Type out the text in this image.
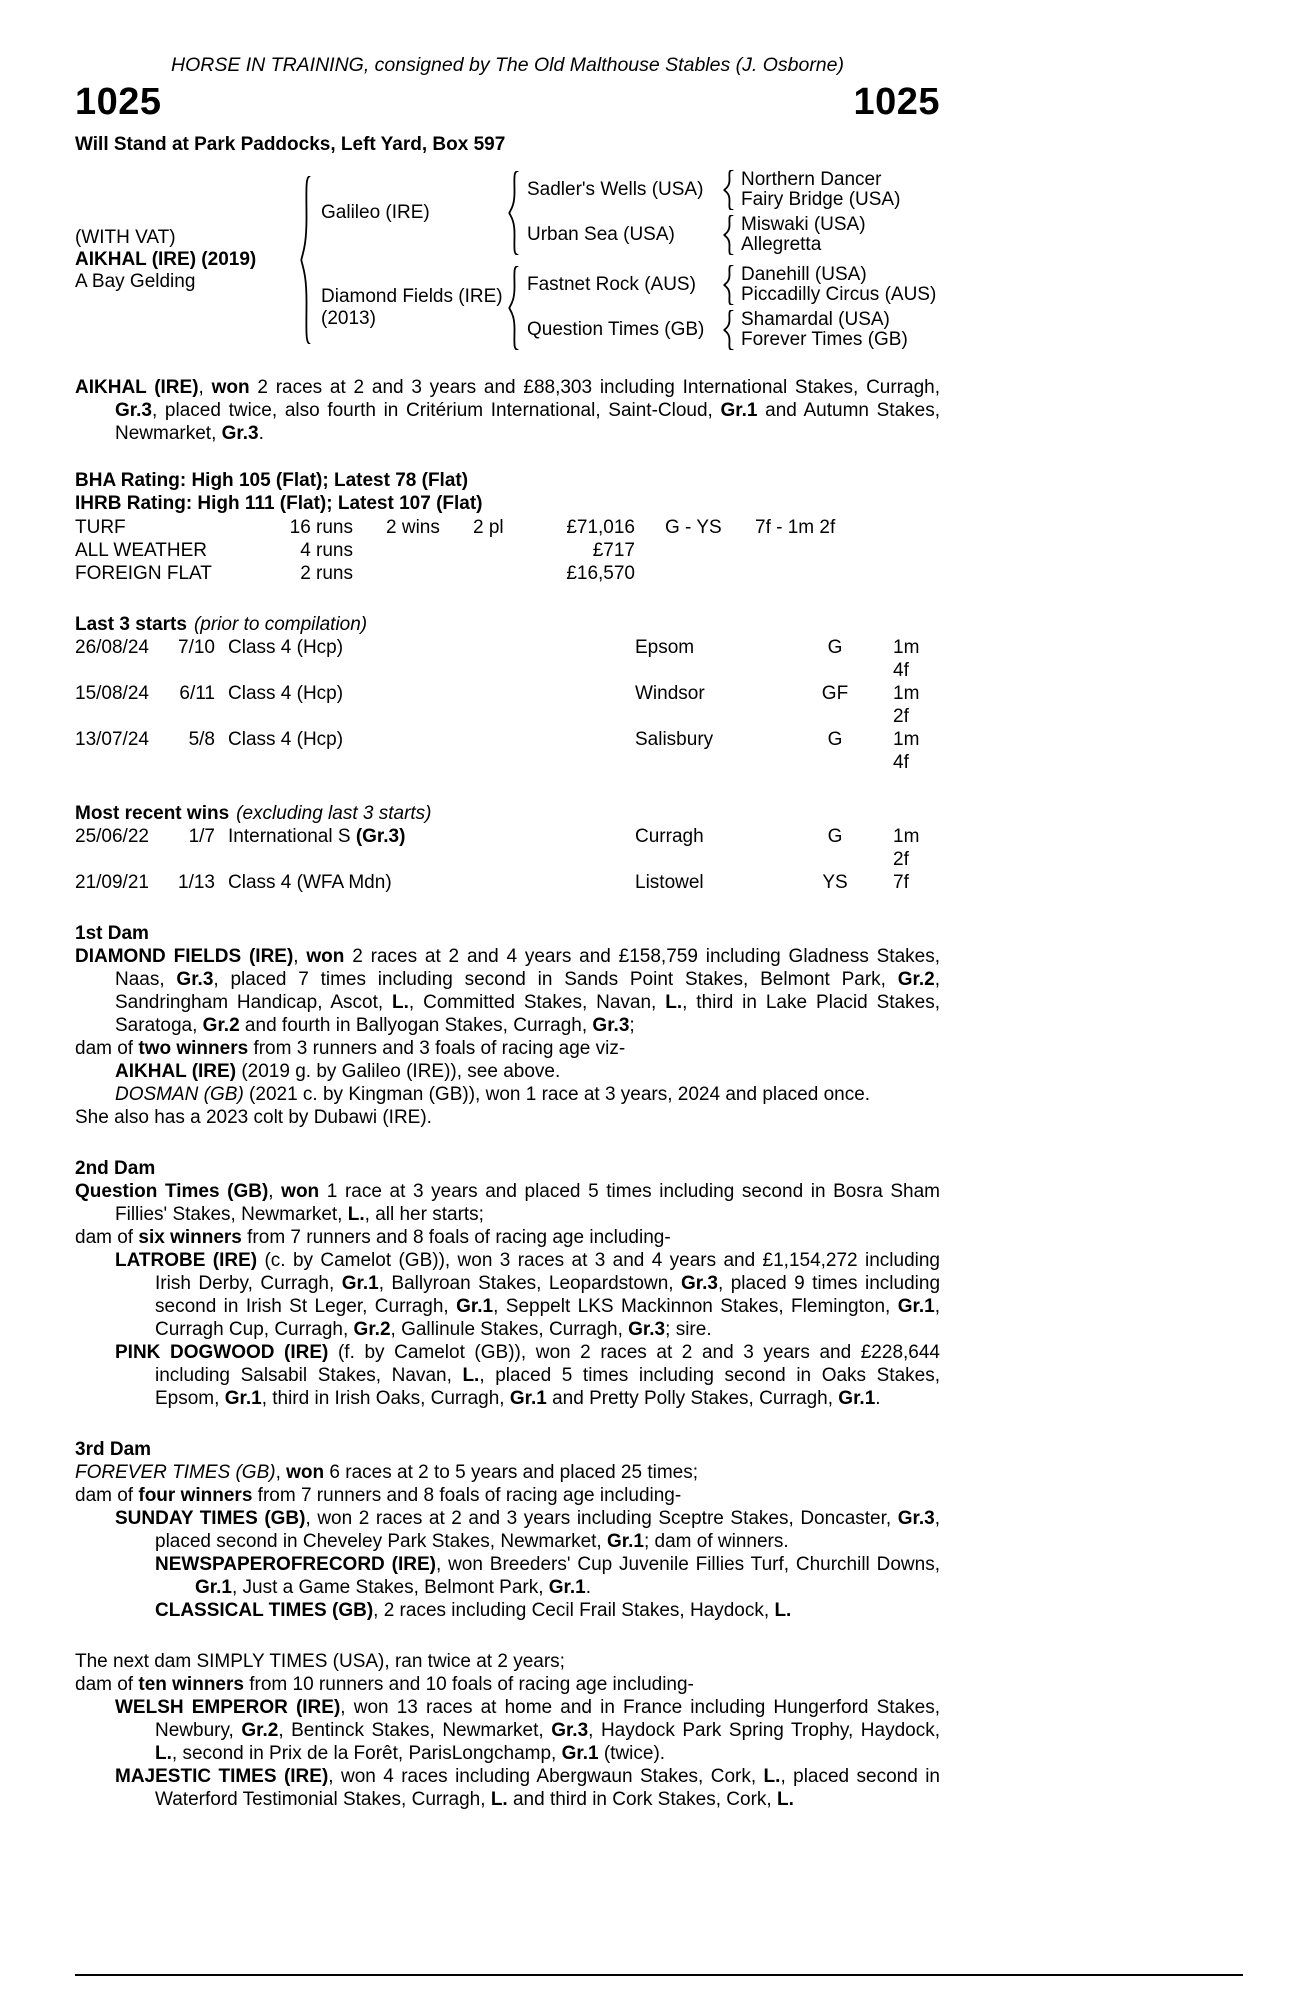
HORSE IN TRAINING, consigned by The Old Malthouse Stables (J. Osborne)
1025	1025
Will Stand at Park Paddocks, Left Yard, Box 597
(WITH VAT)
AIKHAL (IRE) (2019)
A Bay Gelding
Galileo (IRE)
Sadler's Wells (USA)	Northern Dancer
Fairy Bridge (USA)
Urban Sea (USA)	Miswaki (USA)
Allegretta
Diamond Fields (IRE)
(2013)
Fastnet Rock (AUS)	Danehill (USA)
Piccadilly Circus (AUS)
Question Times (GB)	Shamardal (USA)
Forever Times (GB)

AIKHAL (IRE), won 2 races at 2 and 3 years and £88,303 including International Stakes, Curragh, Gr.3, placed twice, also fourth in Critérium International, Saint-Cloud, Gr.1 and Autumn Stakes, Newmarket, Gr.3.

BHA Rating: High 105 (Flat); Latest 78 (Flat)
IHRB Rating: High 111 (Flat); Latest 107 (Flat)
TURF	16 runs	2 wins	2 pl	£71,016 G - YS	7f - 1m 2f
ALL WEATHER	4 runs	£717
FOREIGN FLAT	2 runs	£16,570
Last 3 starts (prior to compilation)
26/08/24	7/10 Class 4 (Hcp)	Epsom	G	1m 4f
15/08/24	6/11 Class 4 (Hcp)	Windsor	GF	1m 2f
13/07/24	5/8 Class 4 (Hcp)	Salisbury	G	1m 4f
Most recent wins (excluding last 3 starts)
25/06/22	1/7 International S (Gr.3)	Curragh	G	1m 2f
21/09/21	1/13 Class 4 (WFA Mdn)	Listowel	YS	7f
1st Dam

DIAMOND FIELDS (IRE), won 2 races at 2 and 4 years and £158,759 including Gladness Stakes, Naas, Gr.3, placed 7 times including second in Sands Point Stakes, Belmont Park, Gr.2, Sandringham Handicap, Ascot, L., Committed Stakes, Navan, L., third in Lake Placid Stakes, Saratoga, Gr.2 and fourth in Ballyogan Stakes, Curragh, Gr.3;

dam of two winners from 3 runners and 3 foals of racing age viz-

AIKHAL (IRE) (2019 g. by Galileo (IRE)), see above.

DOSMAN (GB) (2021 c. by Kingman (GB)), won 1 race at 3 years, 2024 and placed once.

She also has a 2023 colt by Dubawi (IRE).

2nd Dam

Question Times (GB), won 1 race at 3 years and placed 5 times including second in Bosra Sham Fillies' Stakes, Newmarket, L., all her starts;

dam of six winners from 7 runners and 8 foals of racing age including-

LATROBE (IRE) (c. by Camelot (GB)), won 3 races at 3 and 4 years and £1,154,272 including Irish Derby, Curragh, Gr.1, Ballyroan Stakes, Leopardstown, Gr.3, placed 9 times including second in Irish St Leger, Curragh, Gr.1, Seppelt LKS Mackinnon Stakes, Flemington, Gr.1, Curragh Cup, Curragh, Gr.2, Gallinule Stakes, Curragh, Gr.3; sire.

PINK DOGWOOD (IRE) (f. by Camelot (GB)), won 2 races at 2 and 3 years and £228,644 including Salsabil Stakes, Navan, L., placed 5 times including second in Oaks Stakes, Epsom, Gr.1, third in Irish Oaks, Curragh, Gr.1 and Pretty Polly Stakes, Curragh, Gr.1.

3rd Dam

FOREVER TIMES (GB), won 6 races at 2 to 5 years and placed 25 times;

dam of four winners from 7 runners and 8 foals of racing age including-

SUNDAY TIMES (GB), won 2 races at 2 and 3 years including Sceptre Stakes, Doncaster, Gr.3, placed second in Cheveley Park Stakes, Newmarket, Gr.1; dam of winners.

NEWSPAPEROFRECORD (IRE), won Breeders' Cup Juvenile Fillies Turf, Churchill Downs, Gr.1, Just a Game Stakes, Belmont Park, Gr.1.

CLASSICAL TIMES (GB), 2 races including Cecil Frail Stakes, Haydock, L.

The next dam SIMPLY TIMES (USA), ran twice at 2 years;

dam of ten winners from 10 runners and 10 foals of racing age including-

WELSH EMPEROR (IRE), won 13 races at home and in France including Hungerford Stakes, Newbury, Gr.2, Bentinck Stakes, Newmarket, Gr.3, Haydock Park Spring Trophy, Haydock, L., second in Prix de la Forêt, ParisLongchamp, Gr.1 (twice).

MAJESTIC TIMES (IRE), won 4 races including Abergwaun Stakes, Cork, L., placed second in Waterford Testimonial Stakes, Curragh, L. and third in Cork Stakes, Cork, L.
